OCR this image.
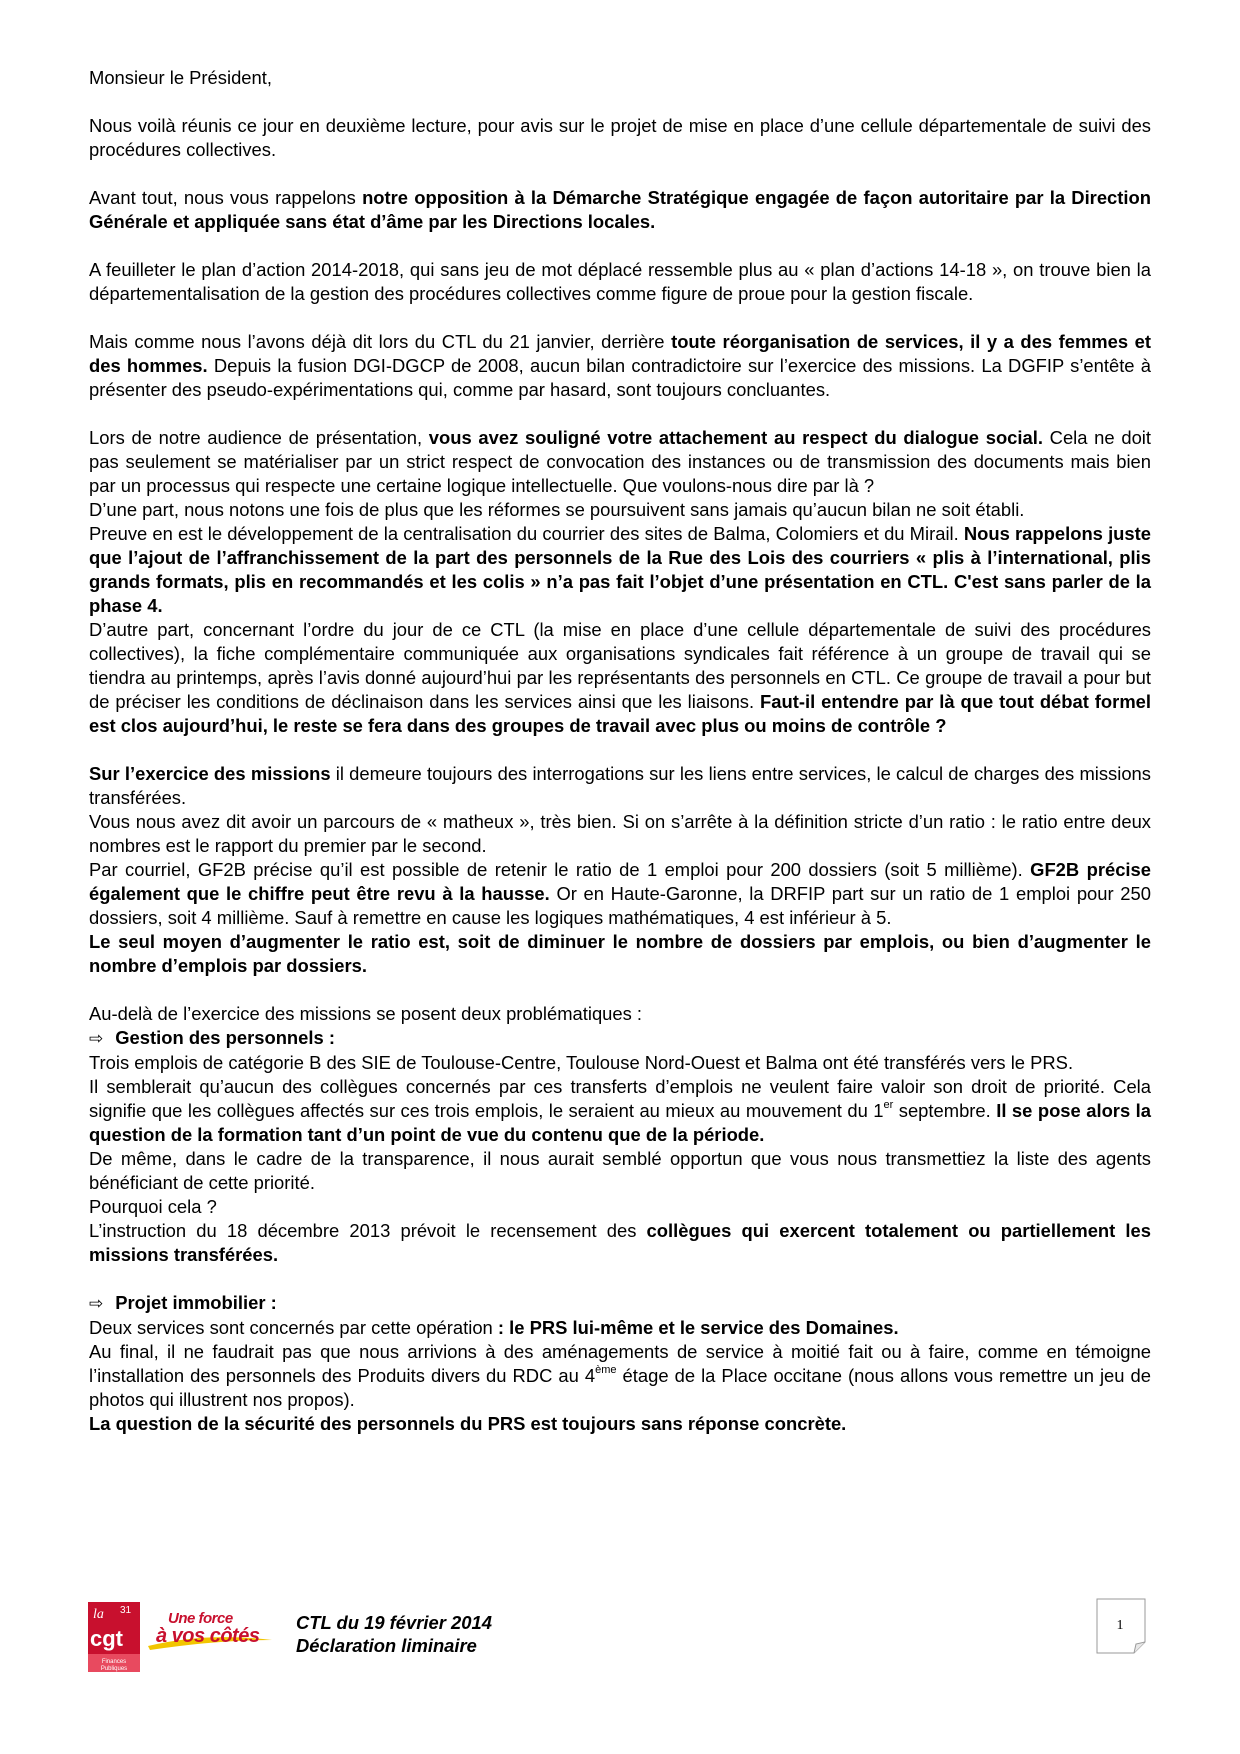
Monsieur le Président,

Nous voilà réunis ce jour en deuxième lecture, pour avis sur le projet de mise en place d’une cellule départementale de suivi des procédures collectives.

Avant tout, nous vous rappelons notre opposition à la Démarche Stratégique engagée de façon autoritaire par la Direction Générale et appliquée sans état d’âme par les Directions locales.

A feuilleter le plan d’action 2014-2018, qui sans jeu de mot déplacé ressemble plus au « plan d’actions 14-18 », on trouve bien la départementalisation de la gestion des procédures collectives comme figure de proue pour la gestion fiscale.

Mais comme nous l’avons déjà dit lors du CTL du 21 janvier, derrière toute réorganisation de services, il y a des femmes et des hommes. Depuis la fusion DGI-DGCP de 2008, aucun bilan contradictoire sur l’exercice des missions. La DGFIP s’entête à présenter des pseudo-expérimentations qui, comme par hasard, sont toujours concluantes.

Lors de notre audience de présentation, vous avez souligné votre attachement au respect du dialogue social. Cela ne doit pas seulement se matérialiser par un strict respect de convocation des instances ou de transmission des documents mais bien par un processus qui respecte une certaine logique intellectuelle. Que voulons-nous dire par là ?

D’une part, nous notons une fois de plus que les réformes se poursuivent sans jamais qu’aucun bilan ne soit établi.

Preuve en est le développement de la centralisation du courrier des sites de Balma, Colomiers et du Mirail. Nous rappelons juste que l’ajout de l’affranchissement de la part des personnels de la Rue des Lois des courriers « plis à l’international, plis grands formats, plis en recommandés et les colis » n’a pas fait l’objet d’une présentation en CTL. C'est sans parler de la phase 4.

D’autre part, concernant l’ordre du jour de ce CTL (la mise en place d’une cellule départementale de suivi des procédures collectives), la fiche complémentaire communiquée aux organisations syndicales fait référence à un groupe de travail qui se tiendra au printemps, après l’avis donné aujourd’hui par les représentants des personnels en CTL. Ce groupe de travail a pour but de préciser les conditions de déclinaison dans les services ainsi que les liaisons. Faut-il entendre par là que tout débat formel est clos aujourd’hui, le reste se fera dans des groupes de travail avec plus ou moins de contrôle ?

Sur l’exercice des missions il demeure toujours des interrogations sur les liens entre services, le calcul de charges des missions transférées.

Vous nous avez dit avoir un parcours de « matheux », très bien. Si on s’arrête à la définition stricte d’un ratio : le ratio entre deux nombres est le rapport du premier par le second.

Par courriel, GF2B précise qu’il est possible de retenir le ratio de 1 emploi pour 200 dossiers (soit 5 millième). GF2B précise également que le chiffre peut être revu à la hausse. Or en Haute-Garonne, la DRFIP part sur un ratio de 1 emploi pour 250 dossiers, soit 4 millième. Sauf à remettre en cause les logiques mathématiques, 4 est inférieur à 5.

Le seul moyen d’augmenter le ratio est, soit de diminuer le nombre de dossiers par emplois, ou bien d’augmenter le nombre d’emplois par dossiers.

Au-delà de l’exercice des missions se posent deux problématiques :

⇨ Gestion des personnels :

Trois emplois de catégorie B des SIE de Toulouse-Centre, Toulouse Nord-Ouest et Balma ont été transférés vers le PRS.

Il semblerait qu’aucun des collègues concernés par ces transferts d’emplois ne veulent faire valoir son droit de priorité. Cela signifie que les collègues affectés sur ces trois emplois, le seraient au mieux au mouvement du 1er septembre. Il se pose alors la question de la formation tant d’un point de vue du contenu que de la période.

De même, dans le cadre de la transparence, il nous aurait semblé opportun que vous nous transmettiez la liste des agents bénéficiant de cette priorité.

Pourquoi cela ?

L’instruction du 18 décembre 2013 prévoit le recensement des collègues qui exercent totalement ou partiellement les missions transférées.

⇨ Projet immobilier :

Deux services sont concernés par cette opération : le PRS lui-même et le service des Domaines.

Au final, il ne faudrait pas que nous arrivions à des aménagements de service à moitié fait ou à faire, comme en témoigne l’installation des personnels des Produits divers du RDC au 4ème étage de la Place occitane (nous allons vous remettre un jeu de photos qui illustrent nos propos).

La question de la sécurité des personnels du PRS est toujours sans réponse concrète.

la 31
cgt
Finances
Publiques
Une force
à vos côtés
CTL du 19 février 2014
Déclaration liminaire
1
